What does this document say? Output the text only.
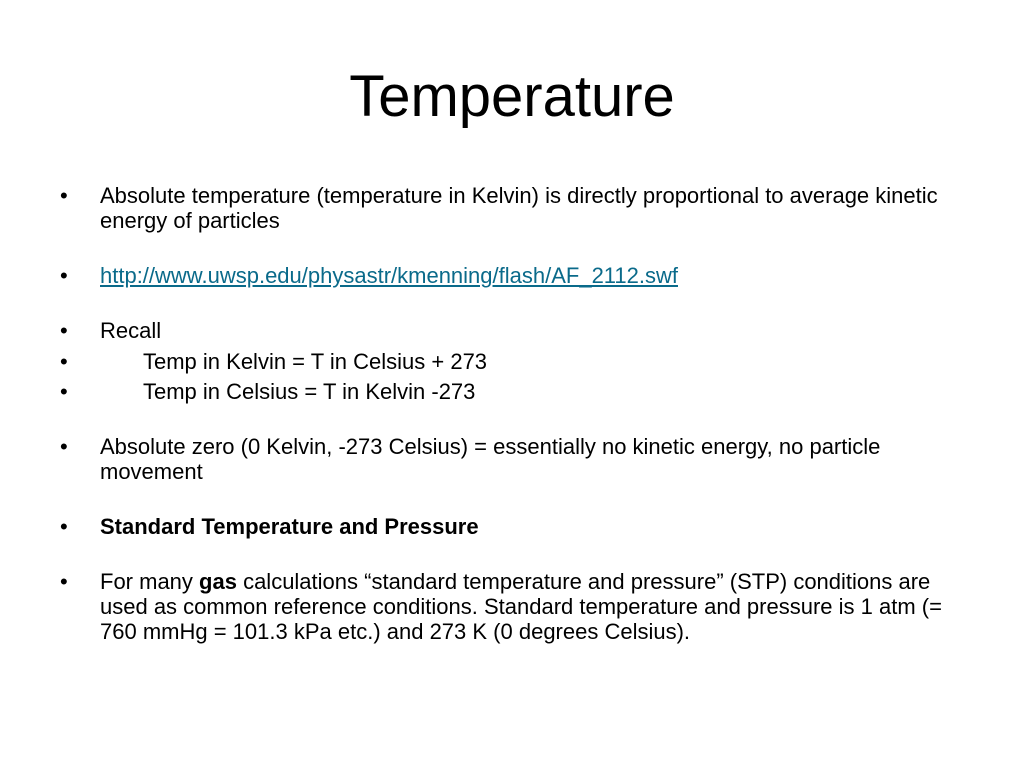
Temperature
• Absolute temperature (temperature in Kelvin) is directly proportional to average kinetic energy of particles
• http://www.uwsp.edu/physastr/kmenning/flash/AF_2112.swf
• Recall
•	Temp in Kelvin = T in Celsius + 273
•	Temp in Celsius = T in Kelvin -273
• Absolute zero (0 Kelvin, -273 Celsius) = essentially no kinetic energy, no particle movement
• Standard Temperature and Pressure
• For many gas calculations “standard temperature and pressure” (STP) conditions are used as common reference conditions. Standard temperature and pressure is 1 atm (= 760 mmHg = 101.3 kPa etc.) and 273 K (0 degrees Celsius).
